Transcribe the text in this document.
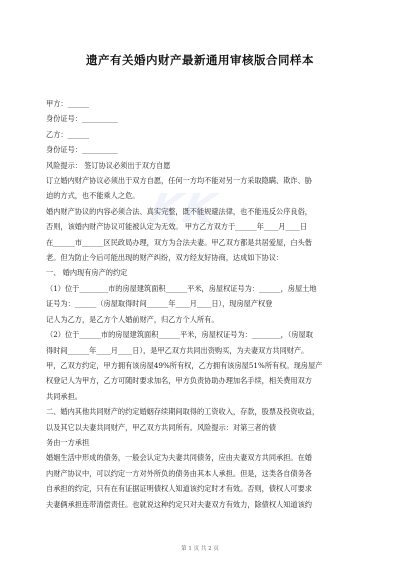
遗产有关婚内财产最新通用审核版合同样本
KK
甲方：______
身份证号：__________
乙方：______
身份证号：__________
风险提示： 签订协议必须出于双方自愿
订立婚内财产协议必须出于双方自愿，任何一方均不能对另一方采取隐瞒、欺诈、胁
迫的方式，也不能乘人之危。
婚内财产协议的内容必须合法、真实完整，既不能规避法律，也不能违反公序良俗，
否则，该婚内财产协议可能被认定为无效。 甲方乙方双方于______年____月____日
在______市______区民政局办理，双方为合法夫妻。甲乙双方都是共居爱屋，白头偕
老。但为防止今后可能出现的财产纠纷，双方经友好协商，达成如下协议：
一、 婚内现有房产的约定
（1）位于________市的房屋建筑面积______平米，房屋权证号为：______，房屋土地
证号为：______（房屋取得时间______年____月____日），现房屋产权登
记人为乙方，是乙方个人婚前财产，归乙方个人所有。
（2）位于______市的房屋建筑面积______平米，房屋权证号为：________，（房屋取
得时间______年____月____日），是甲乙双方共同出资购买，为夫妻双方共同财产。
甲，乙双方约定，甲方拥有该房屋49%所有权，乙方拥有该房屋51%所有权。现房屋产
权登记人为甲方，乙方可随时要求加名，甲方负责协助办理加名手续，相关费用双方
共同承担。
二、婚内其他共同财产的约定婚姻存续期间取得的工资收入，存款，股票及投资收益，
以及其它以夫妻共同财产，甲乙双方共同所有。风险提示：对第三者的债
务由一方承担
婚姻生活中形成的债务，一般会认定为夫妻共同债务，应由夫妻双方共同承担。在婚
内财产协议中，可以约定一方对外所负的债务由其本人承担。但是，这类各自债务各
自承担的约定，只有在有证据证明债权人知道该约定时才有效。否则，债权人可要求
夫妻俩承担连带清偿责任。也就说这种约定只对夫妻双方有效力，除债权人知道该约
第 1 页 共 2 页
